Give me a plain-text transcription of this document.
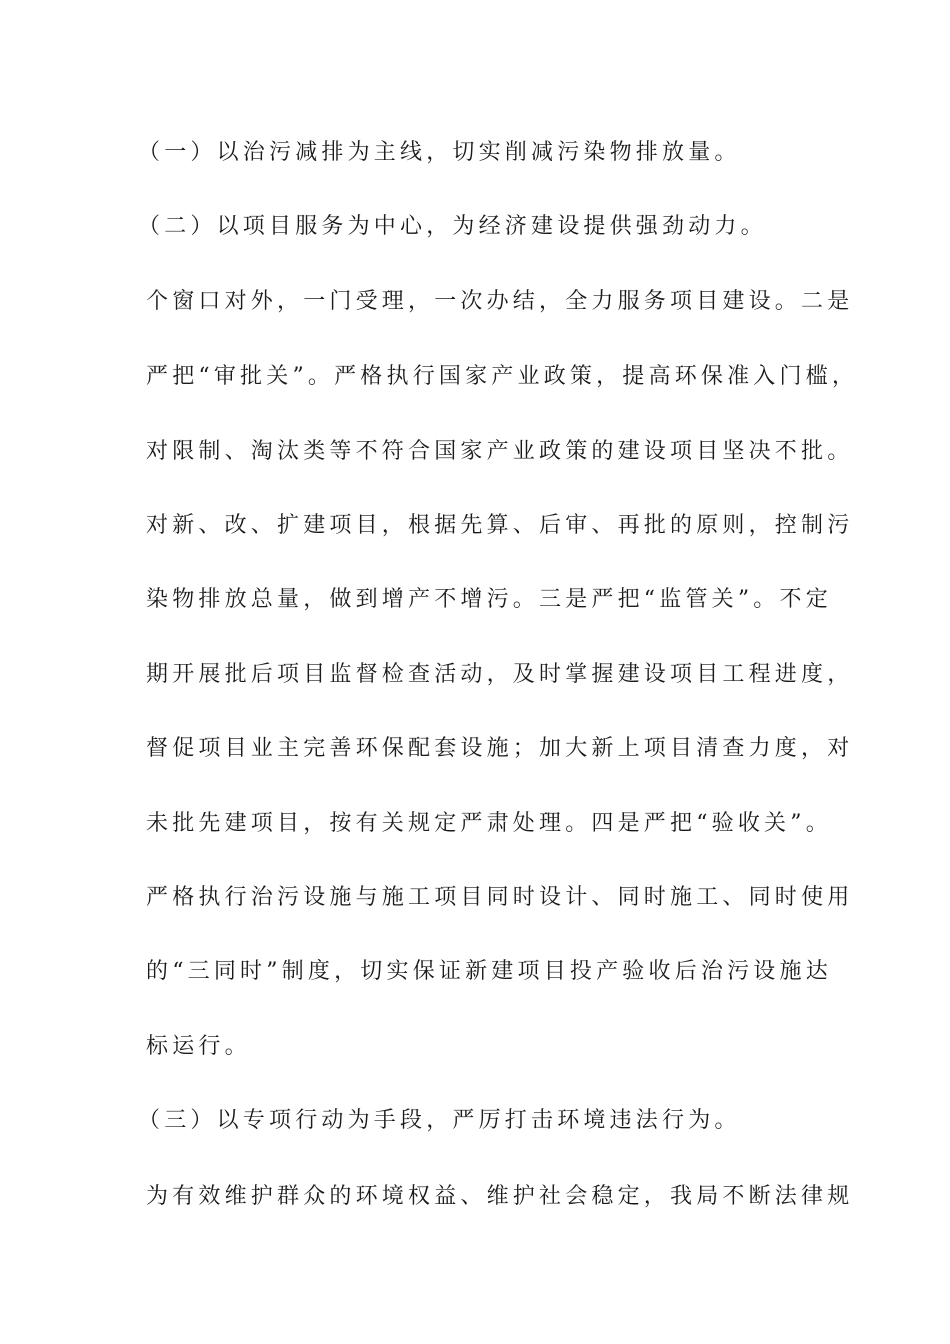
（一）以治污减排为主线，切实削减污染物排放量。
（二）以项目服务为中心，为经济建设提供强劲动力。
个窗口对外，一门受理，一次办结，全力服务项目建设。二是
严把“审批关”。严格执行国家产业政策，提高环保准入门槛，
对限制、淘汰类等不符合国家产业政策的建设项目坚决不批。
对新、改、扩建项目，根据先算、后审、再批的原则，控制污
染物排放总量，做到增产不增污。三是严把“监管关”。不定
期开展批后项目监督检查活动，及时掌握建设项目工程进度，
督促项目业主完善环保配套设施；加大新上项目清查力度，对
未批先建项目，按有关规定严肃处理。四是严把“验收关”。
严格执行治污设施与施工项目同时设计、同时施工、同时使用
的“三同时”制度，切实保证新建项目投产验收后治污设施达
标运行。
（三）以专项行动为手段，严厉打击环境违法行为。
为有效维护群众的环境权益、维护社会稳定，我局不断法律规
